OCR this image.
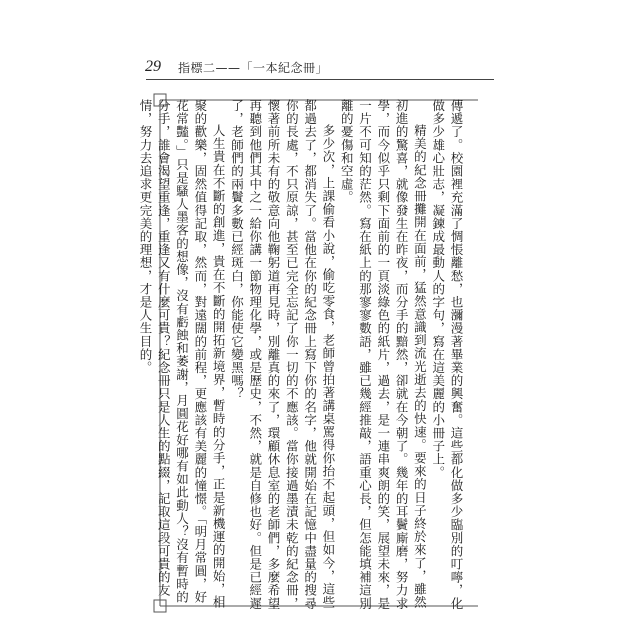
29 指標二——「一本紀念冊」

傳遞了。校園裡充滿了惆悵離愁，也瀰漫著畢業的興奮。這些都化做多少臨別的叮嚀，化做多少雄心壯志，凝鍊成最動人的字句，寫在這美麗的小冊子上。

精美的紀念冊攤開在面前，猛然意識到流光逝去的快速。要來的日子終於來了，雖然初進的驚喜，就像發生在昨夜，而分手的黯然，卻就在今朝了。幾年的耳鬢廝磨，努力求學，而今似乎只剩下面前的一頁淡綠色的紙片，過去，是一連串爽朗的笑，展望未來，是一片不可知的茫然。寫在紙上的那寥寥數語，雖已幾經推敲，語重心長，但怎能填補這別離的憂傷和空虛。

多少次，上課偷看小說，偷吃零食，老師曾拍著講桌罵得你抬不起頭，但如今，這些都過去了，都消失了。當他在你的紀念冊上寫下你的名字，他就開始在記憶中盡量的搜尋你的長處，不只原諒，甚至已完全忘記了你一切的不應該。當你接過墨漬未乾的紀念冊，懷著前所未有的敬意向他鞠躬道再見時，別離真的來了，環顧休息室的老師們，多麼希望再聽到他們其中之一給你講一節物理化學，或是歷史，不然，就是自修也好。但是已經遲了，老師們的兩鬢多數已經斑白，你能使它變黑嗎？

人生貴在不斷的創進，貴在不斷的開拓新境界，暫時的分手，正是新機運的開始，相聚的歡樂，固然值得記取，然而，對遠闊的前程，更應該有美麗的憧憬。「明月常圓，好花常豔。」只是騷人墨客的想像，沒有虧蝕和萎謝，月圓花好哪有如此動人？沒有暫時的分手，誰會渴望重逢，重逢又有什麼可貴？紀念冊只是人生的點綴，記取這段可貴的友情，努力去追求更完美的理想，才是人生目的。
